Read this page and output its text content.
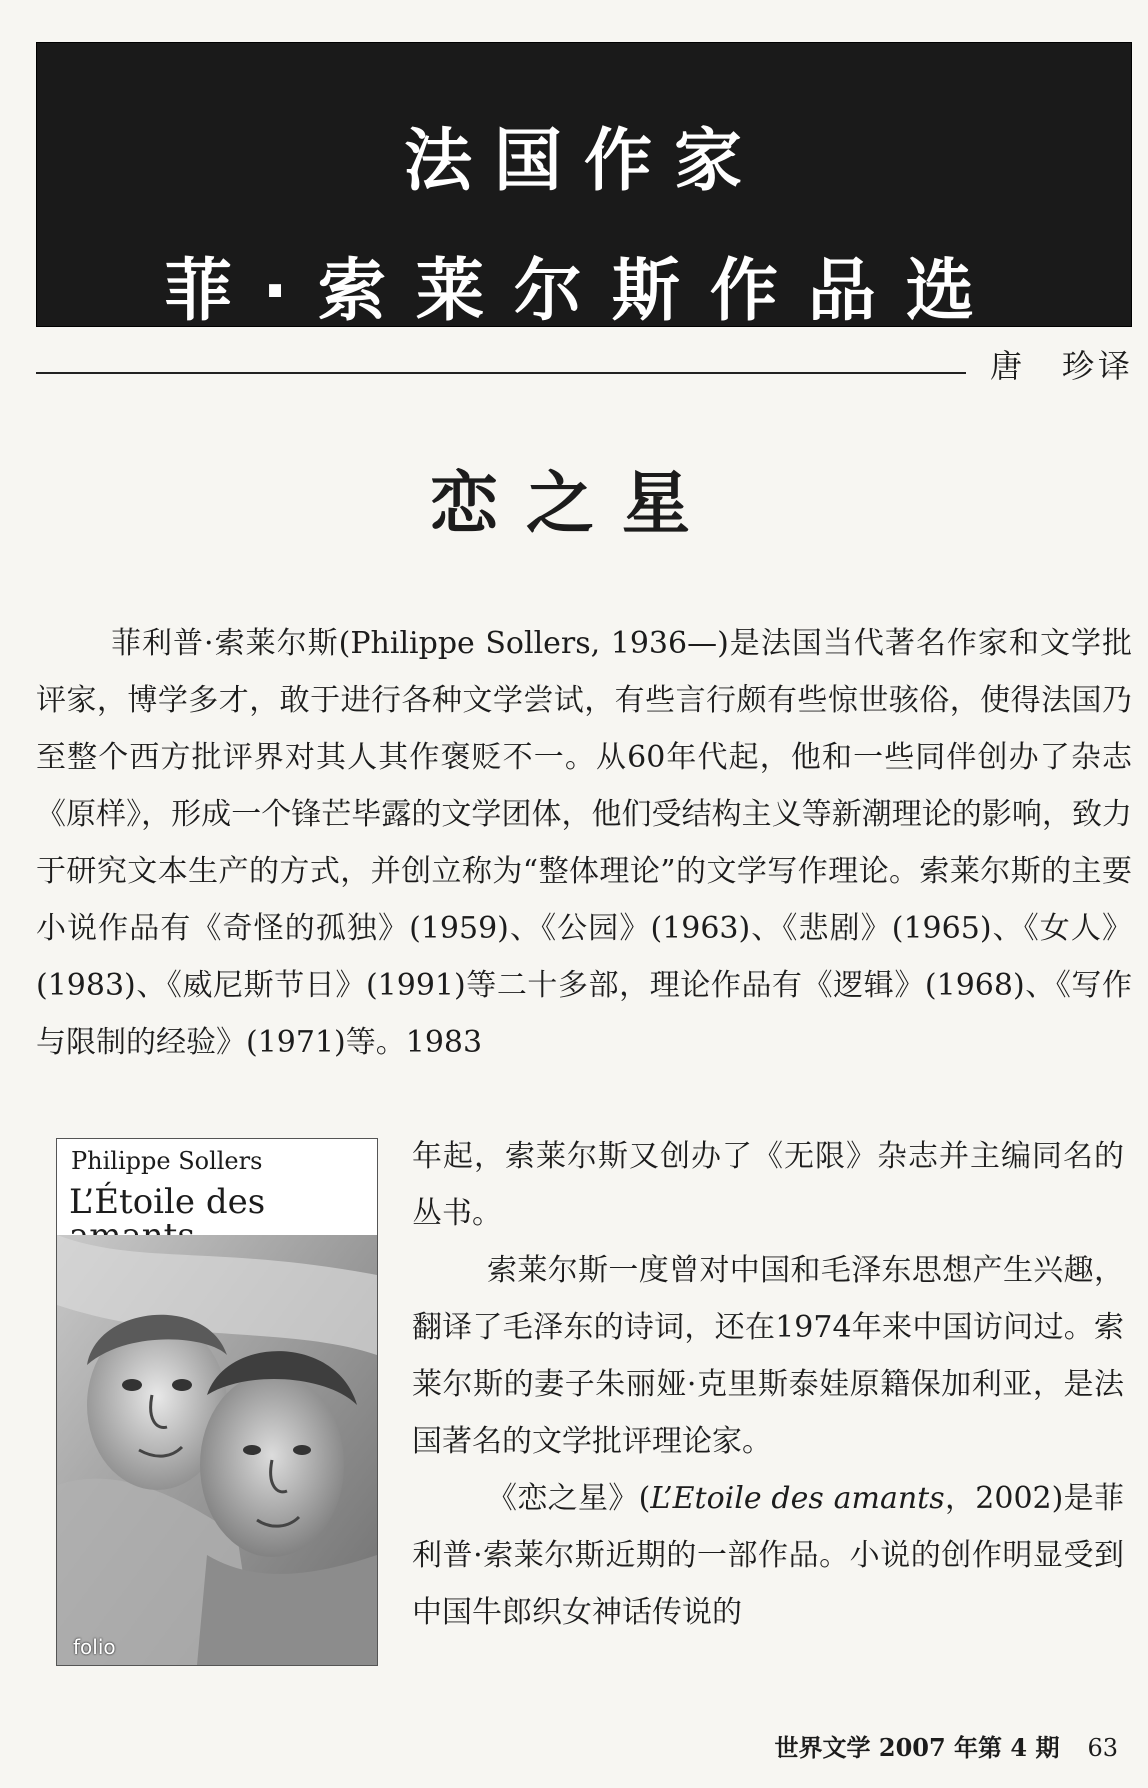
法国作家
菲·索莱尔斯作品选
唐　珍译
恋之星

菲利普·索莱尔斯(Philippe Sollers, 1936—)是法国当代著名作家和文学批评家，博学多才，敢于进行各种文学尝试，有些言行颇有些惊世骇俗，使得法国乃至整个西方批评界对其人其作褒贬不一。从60年代起，他和一些同伴创办了杂志《原样》，形成一个锋芒毕露的文学团体，他们受结构主义等新潮理论的影响，致力于研究文本生产的方式，并创立称为“整体理论”的文学写作理论。索莱尔斯的主要小说作品有《奇怪的孤独》(1959)、《公园》(1963)、《悲剧》(1965)、《女人》(1983)、《威尼斯节日》(1991)等二十多部，理论作品有《逻辑》(1968)、《写作与限制的经验》(1971)等。1983

Philippe Sollers
L’Étoile des
folio

年起，索莱尔斯又创办了《无限》杂志并主编同名的丛书。

索莱尔斯一度曾对中国和毛泽东思想产生兴趣，翻译了毛泽东的诗词，还在1974年来中国访问过。索莱尔斯的妻子朱丽娅·克里斯泰娃原籍保加利亚，是法国著名的文学批评理论家。

《恋之星》(L’Etoile des amants，2002)是菲利普·索莱尔斯近期的一部作品。小说的创作明显受到中国牛郎织女神话传说的

世界文学 2007 年第 4 期 63
